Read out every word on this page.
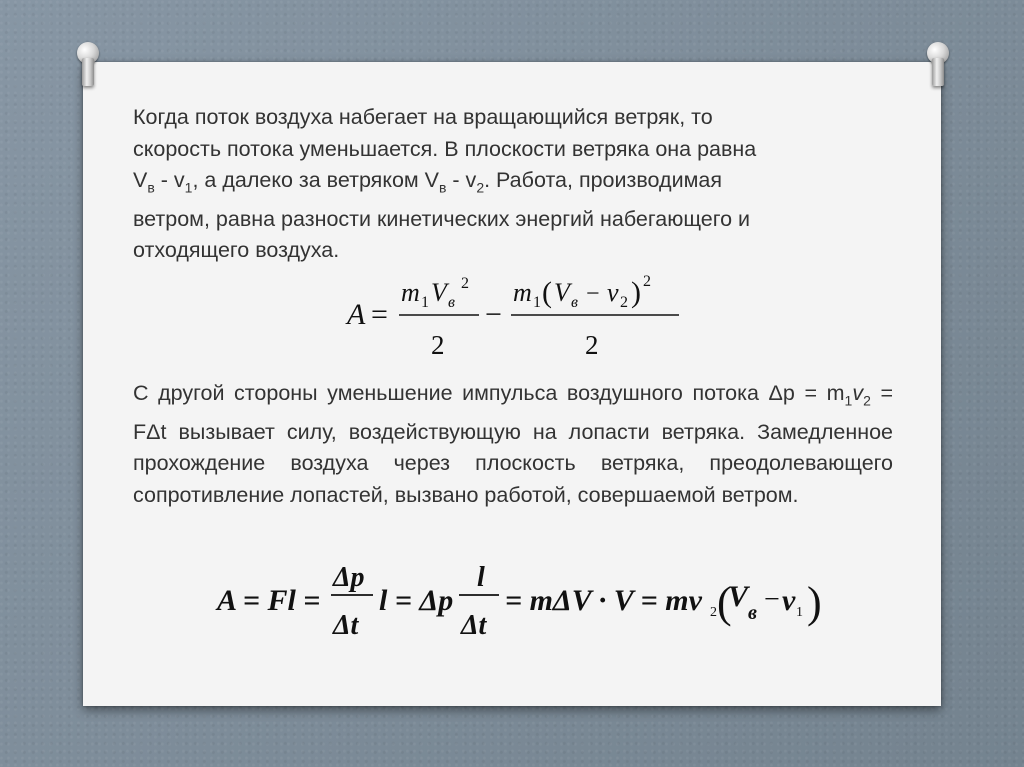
Когда поток воздуха набегает на вращающийся ветряк, то
скорость потока уменьшается. В плоскости ветряка она равна
$V_в - v_1$, а далеко за ветряком $V_в - v_2$. Работа, производимая
ветром, равна разности кинетических энергий набегающего и
отходящего воздуха.
A =
m 1 V в
2
2
−
m 1 ( V в − v 2 ) 2
2
С другой стороны уменьшение импульса воздушного потока $\Delta p = m_1v_2 = F\Delta t$ вызывает силу, воздействующую на лопасти ветряка. Замедленное прохождение воздуха через плоскость ветряка, преодолевающего сопротивление лопастей, вызвано работой, совершаемой ветром.
A = Fl =
Δp
Δt
l = Δp
l
Δt
= mΔV · V = mv 2 (
V в − v 1 )
